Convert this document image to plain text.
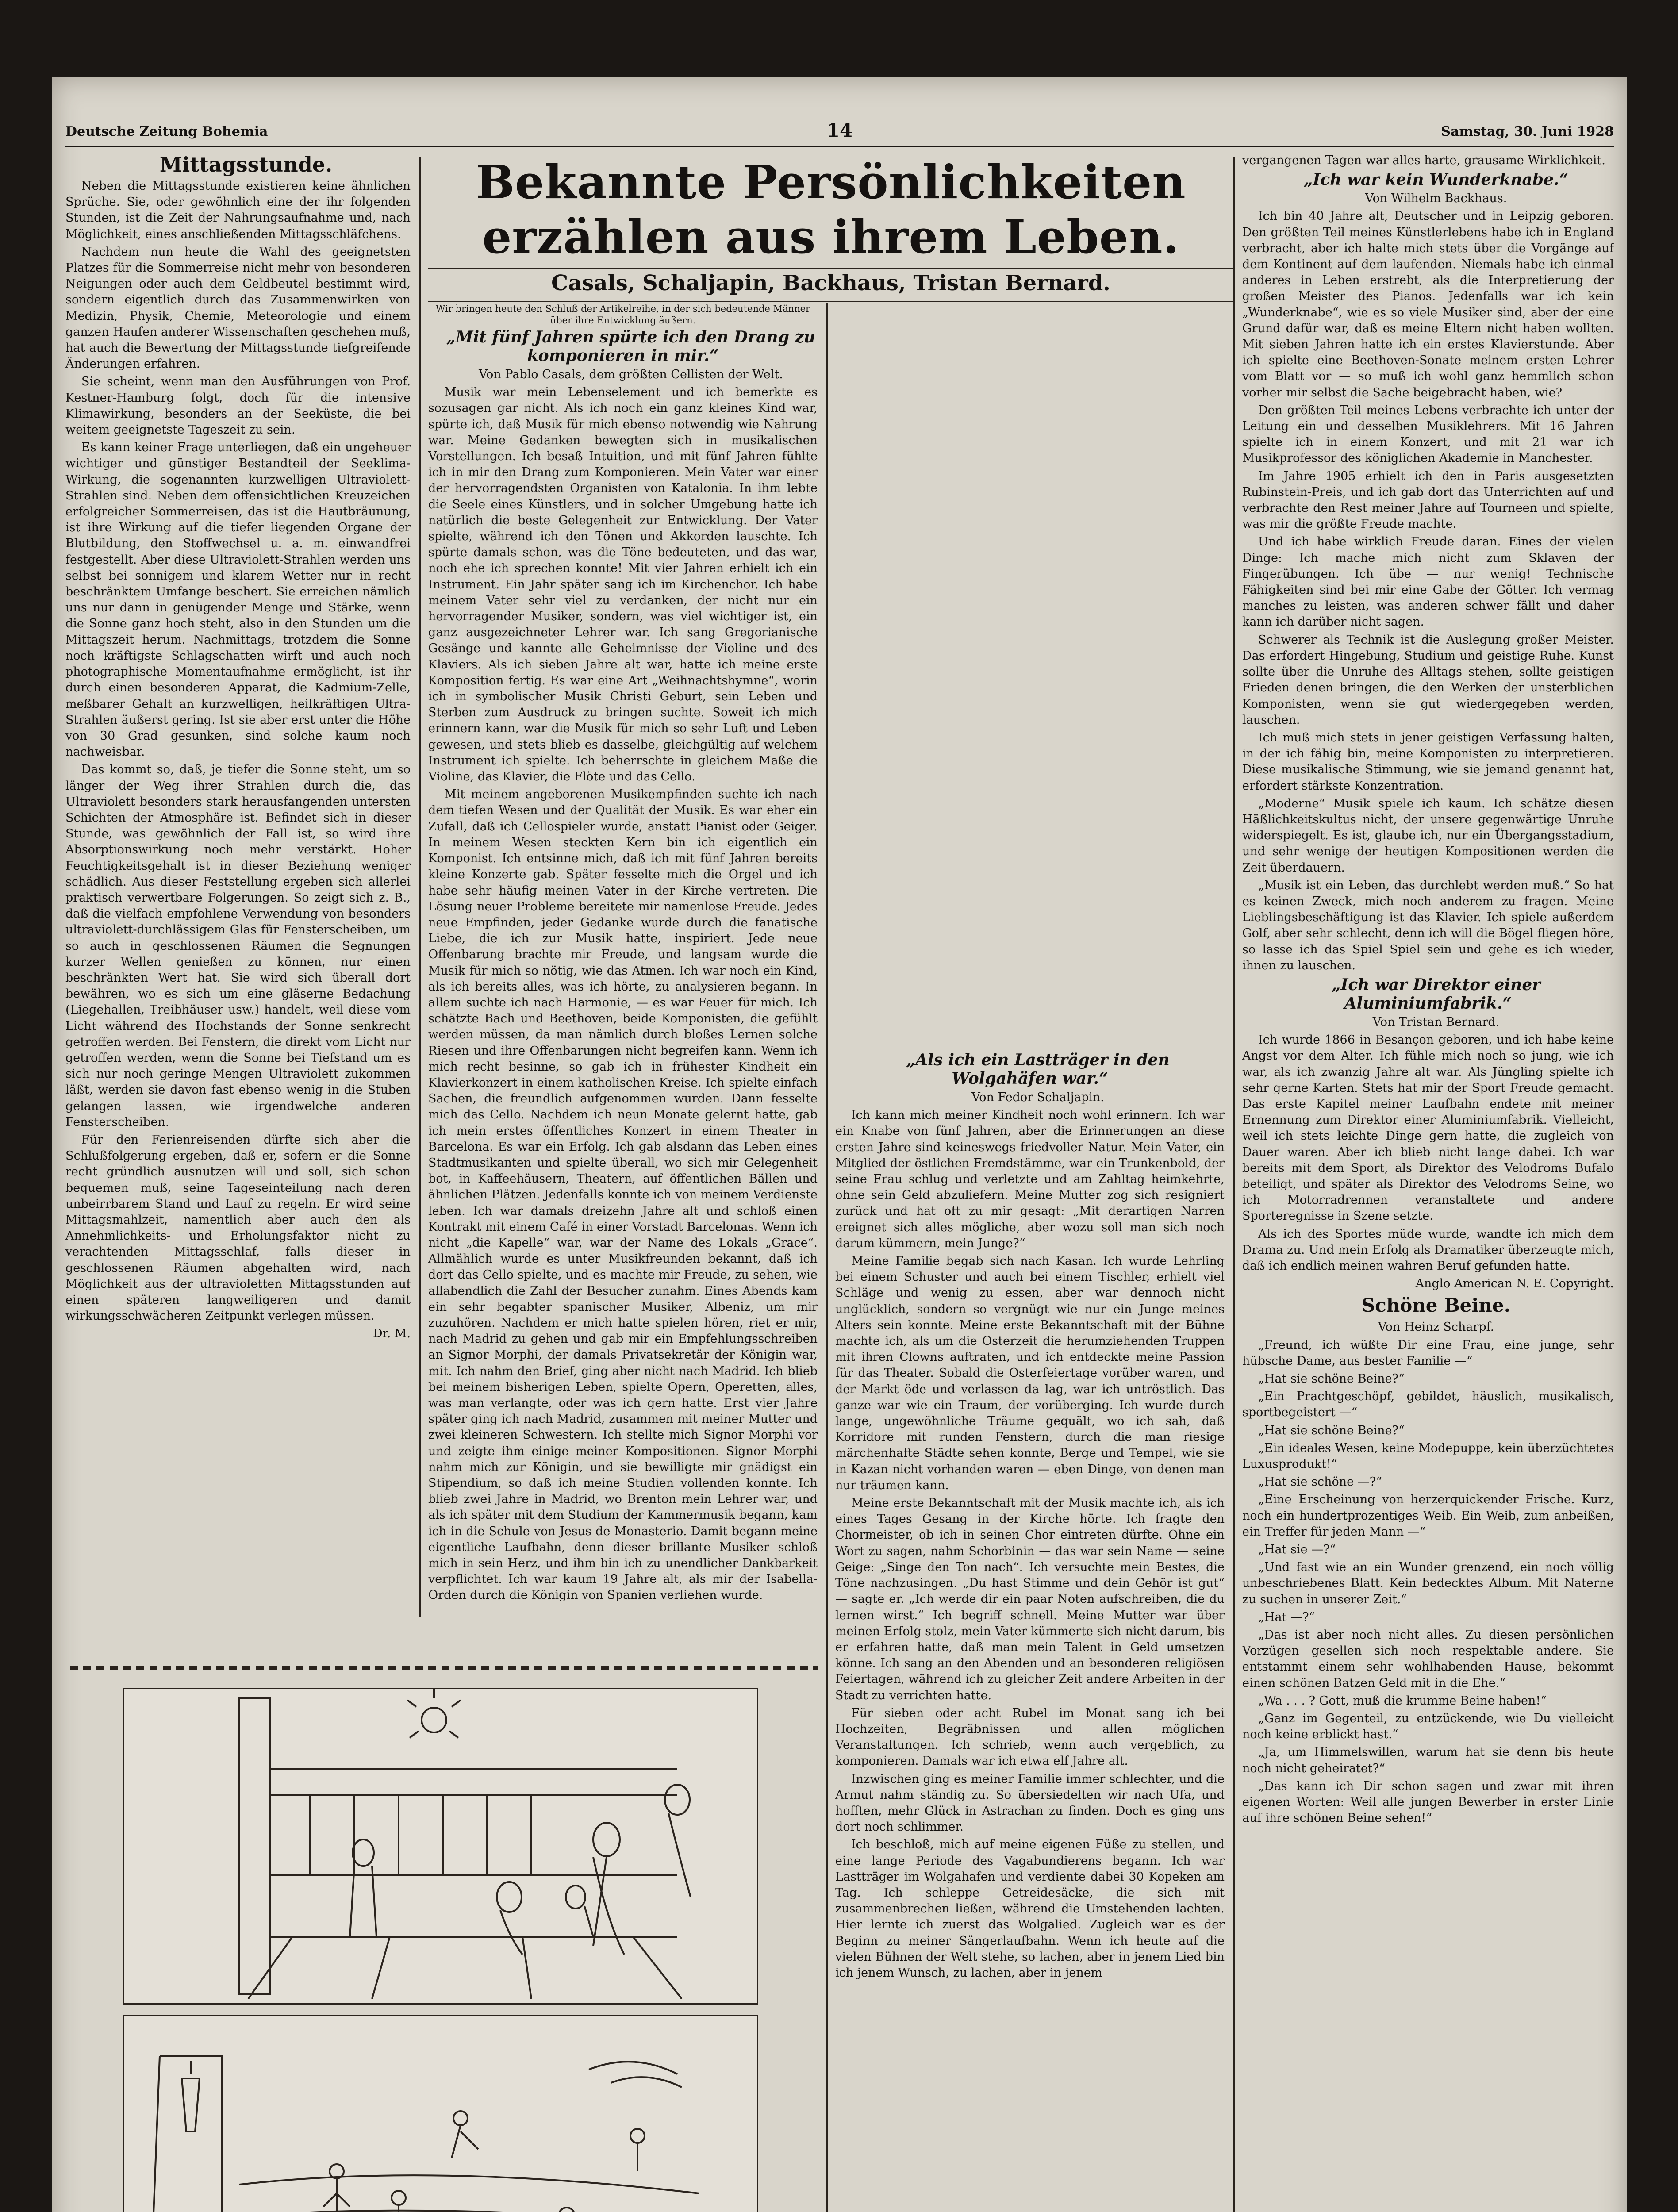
Deutsche Zeitung Bohemia	14	Samstag, 30. Juni 1928

Mittagsstunde.

Neben die Mittagsstunde existieren keine ähnlichen Sprüche. Sie, oder gewöhnlich eine der ihr folgenden Stunden, ist die Zeit der Nahrungsaufnahme und, nach Möglichkeit, eines anschließenden Mittagsschläfchens.

Nachdem nun heute die Wahl des geeignetsten Platzes für die Sommerreise nicht mehr von besonderen Neigungen oder auch dem Geldbeutel bestimmt wird, sondern eigentlich durch das Zusammenwirken von Medizin, Physik, Chemie, Meteorologie und einem ganzen Haufen anderer Wissenschaften geschehen muß, hat auch die Bewertung der Mittagsstunde tiefgreifende Änderungen erfahren.

Sie scheint, wenn man den Ausführungen von Prof. Kestner-Hamburg folgt, doch für die intensive Klimawirkung, besonders an der Seeküste, die bei weitem geeignetste Tageszeit zu sein.

Es kann keiner Frage unterliegen, daß ein ungeheuer wichtiger und günstiger Bestandteil der Seeklima-Wirkung, die sogenannten kurzwelligen Ultraviolett-Strahlen sind. Neben dem offensichtlichen Kreuzeichen erfolgreicher Sommerreisen, das ist die Hautbräunung, ist ihre Wirkung auf die tiefer liegenden Organe der Blutbildung, den Stoffwechsel u. a. m. einwandfrei festgestellt. Aber diese Ultraviolett-Strahlen werden uns selbst bei sonnigem und klarem Wetter nur in recht beschränktem Umfange beschert. Sie erreichen nämlich uns nur dann in genügender Menge und Stärke, wenn die Sonne ganz hoch steht, also in den Stunden um die Mittagszeit herum. Nachmittags, trotzdem die Sonne noch kräftigste Schlagschatten wirft und auch noch photographische Momentaufnahme ermöglicht, ist ihr durch einen besonderen Apparat, die Kadmium-Zelle, meßbarer Gehalt an kurzwelligen, heilkräftigen Ultra-Strahlen äußerst gering. Ist sie aber erst unter die Höhe von 30 Grad gesunken, sind solche kaum noch nachweisbar.

Das kommt so, daß, je tiefer die Sonne steht, um so länger der Weg ihrer Strahlen durch die, das Ultraviolett besonders stark herausfangenden untersten Schichten der Atmosphäre ist. Befindet sich in dieser Stunde, was gewöhnlich der Fall ist, so wird ihre Absorptionswirkung noch mehr verstärkt. Hoher Feuchtigkeitsgehalt ist in dieser Beziehung weniger schädlich. Aus dieser Feststellung ergeben sich allerlei praktisch verwertbare Folgerungen. So zeigt sich z. B., daß die vielfach empfohlene Verwendung von besonders ultraviolett-durchlässigem Glas für Fensterscheiben, um so auch in geschlossenen Räumen die Segnungen kurzer Wellen genießen zu können, nur einen beschränkten Wert hat. Sie wird sich überall dort bewähren, wo es sich um eine gläserne Bedachung (Liegehallen, Treibhäuser usw.) handelt, weil diese vom Licht während des Hochstands der Sonne senkrecht getroffen werden. Bei Fenstern, die direkt vom Licht nur getroffen werden, wenn die Sonne bei Tiefstand um es sich nur noch geringe Mengen Ultraviolett zukommen läßt, werden sie davon fast ebenso wenig in die Stuben gelangen lassen, wie irgendwelche anderen Fensterscheiben.

Für den Ferienreisenden dürfte sich aber die Schlußfolgerung ergeben, daß er, sofern er die Sonne recht gründlich ausnutzen will und soll, sich schon bequemen muß, seine Tageseinteilung nach deren unbeirrbarem Stand und Lauf zu regeln. Er wird seine Mittagsmahlzeit, namentlich aber auch den als Annehmlichkeits- und Erholungsfaktor nicht zu verachtenden Mittagsschlaf, falls dieser in geschlossenen Räumen abgehalten wird, nach Möglichkeit aus der ultravioletten Mittagsstunden auf einen späteren langweiligeren und damit wirkungsschwächeren Zeitpunkt verlegen müssen.

Dr. M.

Bekannte Persönlichkeiten erzählen aus ihrem Leben.
Casals, Schaljapin, Backhaus, Tristan Bernard.

Wir bringen heute den Schluß der Artikelreihe, in der sich bedeutende Männer über ihre Entwicklung äußern.

„Mit fünf Jahren spürte ich den Drang zu komponieren in mir.“

Von Pablo Casals, dem größten Cellisten der Welt.

Musik war mein Lebenselement und ich bemerkte es sozusagen gar nicht. Als ich noch ein ganz kleines Kind war, spürte ich, daß Musik für mich ebenso notwendig wie Nahrung war. Meine Gedanken bewegten sich in musikalischen Vorstellungen. Ich besaß Intuition, und mit fünf Jahren fühlte ich in mir den Drang zum Komponieren. Mein Vater war einer der hervorragendsten Organisten von Katalonia. In ihm lebte die Seele eines Künstlers, und in solcher Umgebung hatte ich natürlich die beste Gelegenheit zur Entwicklung. Der Vater spielte, während ich den Tönen und Akkorden lauschte. Ich spürte damals schon, was die Töne bedeuteten, und das war, noch ehe ich sprechen konnte! Mit vier Jahren erhielt ich ein Instrument. Ein Jahr später sang ich im Kirchenchor. Ich habe meinem Vater sehr viel zu verdanken, der nicht nur ein hervorragender Musiker, sondern, was viel wichtiger ist, ein ganz ausgezeichneter Lehrer war. Ich sang Gregorianische Gesänge und kannte alle Geheimnisse der Violine und des Klaviers. Als ich sieben Jahre alt war, hatte ich meine erste Komposition fertig. Es war eine Art „Weihnachtshymne“, worin ich in symbolischer Musik Christi Geburt, sein Leben und Sterben zum Ausdruck zu bringen suchte. Soweit ich mich erinnern kann, war die Musik für mich so sehr Luft und Leben gewesen, und stets blieb es dasselbe, gleichgültig auf welchem Instrument ich spielte. Ich beherrschte in gleichem Maße die Violine, das Klavier, die Flöte und das Cello.

Mit meinem angeborenen Musikempfinden suchte ich nach dem tiefen Wesen und der Qualität der Musik. Es war eher ein Zufall, daß ich Cellospieler wurde, anstatt Pianist oder Geiger. In meinem Wesen steckten Kern bin ich eigentlich ein Komponist. Ich entsinne mich, daß ich mit fünf Jahren bereits kleine Konzerte gab. Später fesselte mich die Orgel und ich habe sehr häufig meinen Vater in der Kirche vertreten. Die Lösung neuer Probleme bereitete mir namenlose Freude. Jedes neue Empfinden, jeder Gedanke wurde durch die fanatische Liebe, die ich zur Musik hatte, inspiriert. Jede neue Offenbarung brachte mir Freude, und langsam wurde die Musik für mich so nötig, wie das Atmen. Ich war noch ein Kind, als ich bereits alles, was ich hörte, zu analysieren begann. In allem suchte ich nach Harmonie, — es war Feuer für mich. Ich schätzte Bach und Beethoven, beide Komponisten, die gefühlt werden müssen, da man nämlich durch bloßes Lernen solche Riesen und ihre Offenbarungen nicht begreifen kann. Wenn ich mich recht besinne, so gab ich in frühester Kindheit ein Klavierkonzert in einem katholischen Kreise. Ich spielte einfach Sachen, die freundlich aufgenommen wurden. Dann fesselte mich das Cello. Nachdem ich neun Monate gelernt hatte, gab ich mein erstes öffentliches Konzert in einem Theater in Barcelona. Es war ein Erfolg. Ich gab alsdann das Leben eines Stadtmusikanten und spielte überall, wo sich mir Gelegenheit bot, in Kaffeehäusern, Theatern, auf öffentlichen Bällen und ähnlichen Plätzen. Jedenfalls konnte ich von meinem Verdienste leben. Ich war damals dreizehn Jahre alt und schloß einen Kontrakt mit einem Café in einer Vorstadt Barcelonas. Wenn ich nicht „die Kapelle“ war, war der Name des Lokals „Grace“. Allmählich wurde es unter Musikfreunden bekannt, daß ich dort das Cello spielte, und es machte mir Freude, zu sehen, wie allabendlich die Zahl der Besucher zunahm. Eines Abends kam ein sehr begabter spanischer Musiker, Albeniz, um mir zuzuhören. Nachdem er mich hatte spielen hören, riet er mir, nach Madrid zu gehen und gab mir ein Empfehlungsschreiben an Signor Morphi, der damals Privatsekretär der Königin war, mit. Ich nahm den Brief, ging aber nicht nach Madrid. Ich blieb bei meinem bisherigen Leben, spielte Opern, Operetten, alles, was man verlangte, oder was ich gern hatte. Erst vier Jahre später ging ich nach Madrid, zusammen mit meiner Mutter und zwei kleineren Schwestern. Ich stellte mich Signor Morphi vor und zeigte ihm einige meiner Kompositionen. Signor Morphi nahm mich zur Königin, und sie bewilligte mir gnädigst ein Stipendium, so daß ich meine Studien vollenden konnte. Ich blieb zwei Jahre in Madrid, wo Brenton mein Lehrer war, und als ich später mit dem Studium der Kammermusik begann, kam ich in die Schule von Jesus de Monasterio. Damit begann meine eigentliche Laufbahn, denn dieser brillante Musiker schloß mich in sein Herz, und ihm bin ich zu unendlicher Dankbarkeit verpflichtet. Ich war kaum 19 Jahre alt, als mir der Isabella-Orden durch die Königin von Spanien verliehen wurde.

„Als ich ein Lastträger in den Wolgahäfen war.“

Von Fedor Schaljapin.

Ich kann mich meiner Kindheit noch wohl erinnern. Ich war ein Knabe von fünf Jahren, aber die Erinnerungen an diese ersten Jahre sind keineswegs friedvoller Natur. Mein Vater, ein Mitglied der östlichen Fremdstämme, war ein Trunkenbold, der seine Frau schlug und verletzte und am Zahltag heimkehrte, ohne sein Geld abzuliefern. Meine Mutter zog sich resigniert zurück und hat oft zu mir gesagt: „Mit derartigen Narren ereignet sich alles mögliche, aber wozu soll man sich noch darum kümmern, mein Junge?“

Meine Familie begab sich nach Kasan. Ich wurde Lehrling bei einem Schuster und auch bei einem Tischler, erhielt viel Schläge und wenig zu essen, aber war dennoch nicht unglücklich, sondern so vergnügt wie nur ein Junge meines Alters sein konnte. Meine erste Bekanntschaft mit der Bühne machte ich, als um die Osterzeit die herumziehenden Truppen mit ihren Clowns auftraten, und ich entdeckte meine Passion für das Theater. Sobald die Osterfeiertage vorüber waren, und der Markt öde und verlassen da lag, war ich untröstlich. Das ganze war wie ein Traum, der vorüberging. Ich wurde durch lange, ungewöhnliche Träume gequält, wo ich sah, daß Korridore mit runden Fenstern, durch die man riesige märchenhafte Städte sehen konnte, Berge und Tempel, wie sie in Kazan nicht vorhanden waren — eben Dinge, von denen man nur träumen kann.

Meine erste Bekanntschaft mit der Musik machte ich, als ich eines Tages Gesang in der Kirche hörte. Ich fragte den Chormeister, ob ich in seinen Chor eintreten dürfte. Ohne ein Wort zu sagen, nahm Schorbinin — das war sein Name — seine Geige: „Singe den Ton nach“. Ich versuchte mein Bestes, die Töne nachzusingen. „Du hast Stimme und dein Gehör ist gut“ — sagte er. „Ich werde dir ein paar Noten aufschreiben, die du lernen wirst.“ Ich begriff schnell. Meine Mutter war über meinen Erfolg stolz, mein Vater kümmerte sich nicht darum, bis er erfahren hatte, daß man mein Talent in Geld umsetzen könne. Ich sang an den Abenden und an besonderen religiösen Feiertagen, während ich zu gleicher Zeit andere Arbeiten in der Stadt zu verrichten hatte.

Für sieben oder acht Rubel im Monat sang ich bei Hochzeiten, Begräbnissen und allen möglichen Veranstaltungen. Ich schrieb, wenn auch vergeblich, zu komponieren. Damals war ich etwa elf Jahre alt.

Inzwischen ging es meiner Familie immer schlechter, und die Armut nahm ständig zu. So übersiedelten wir nach Ufa, und hofften, mehr Glück in Astrachan zu finden. Doch es ging uns dort noch schlimmer.

Ich beschloß, mich auf meine eigenen Füße zu stellen, und eine lange Periode des Vagabundierens begann. Ich war Lastträger im Wolgahafen und verdiente dabei 30 Kopeken am Tag. Ich schleppe Getreidesäcke, die sich mit zusammenbrechen ließen, während die Umstehenden lachten. Hier lernte ich zuerst das Wolgalied. Zugleich war es der Beginn zu meiner Sängerlaufbahn. Wenn ich heute auf die vielen Bühnen der Welt stehe, so lachen, aber in jenem Lied bin ich jenem Wunsch, zu lachen, aber in jenem

vergangenen Tagen war alles harte, grausame Wirklichkeit.

„Ich war kein Wunderknabe.“

Von Wilhelm Backhaus.

Ich bin 40 Jahre alt, Deutscher und in Leipzig geboren. Den größten Teil meines Künstlerlebens habe ich in England verbracht, aber ich halte mich stets über die Vorgänge auf dem Kontinent auf dem laufenden. Niemals habe ich einmal anderes in Leben erstrebt, als die Interpretierung der großen Meister des Pianos. Jedenfalls war ich kein „Wunderknabe“, wie es so viele Musiker sind, aber der eine Grund dafür war, daß es meine Eltern nicht haben wollten. Mit sieben Jahren hatte ich ein erstes Klavierstunde. Aber ich spielte eine Beethoven-Sonate meinem ersten Lehrer vom Blatt vor — so muß ich wohl ganz hemmlich schon vorher mir selbst die Sache beigebracht haben, wie?

Den größten Teil meines Lebens verbrachte ich unter der Leitung ein und desselben Musiklehrers. Mit 16 Jahren spielte ich in einem Konzert, und mit 21 war ich Musikprofessor des königlichen Akademie in Manchester.

Im Jahre 1905 erhielt ich den in Paris ausgesetzten Rubinstein-Preis, und ich gab dort das Unterrichten auf und verbrachte den Rest meiner Jahre auf Tourneen und spielte, was mir die größte Freude machte.

Und ich habe wirklich Freude daran. Eines der vielen Dinge: Ich mache mich nicht zum Sklaven der Fingerübungen. Ich übe — nur wenig! Technische Fähigkeiten sind bei mir eine Gabe der Götter. Ich vermag manches zu leisten, was anderen schwer fällt und daher kann ich darüber nicht sagen.

Schwerer als Technik ist die Auslegung großer Meister. Das erfordert Hingebung, Studium und geistige Ruhe. Kunst sollte über die Unruhe des Alltags stehen, sollte geistigen Frieden denen bringen, die den Werken der unsterblichen Komponisten, wenn sie gut wiedergegeben werden, lauschen.

Ich muß mich stets in jener geistigen Verfassung halten, in der ich fähig bin, meine Komponisten zu interpretieren. Diese musikalische Stimmung, wie sie jemand genannt hat, erfordert stärkste Konzentration.

„Moderne“ Musik spiele ich kaum. Ich schätze diesen Häßlichkeitskultus nicht, der unsere gegenwärtige Unruhe widerspiegelt. Es ist, glaube ich, nur ein Übergangsstadium, und sehr wenige der heutigen Kompositionen werden die Zeit überdauern.

„Musik ist ein Leben, das durchlebt werden muß.“ So hat es keinen Zweck, mich noch anderem zu fragen. Meine Lieblingsbeschäftigung ist das Klavier. Ich spiele außerdem Golf, aber sehr schlecht, denn ich will die Bögel fliegen höre, so lasse ich das Spiel Spiel sein und gehe es ich wieder, ihnen zu lauschen.

„Ich war Direktor einer Aluminiumfabrik.“

Von Tristan Bernard.

Ich wurde 1866 in Besançon geboren, und ich habe keine Angst vor dem Alter. Ich fühle mich noch so jung, wie ich war, als ich zwanzig Jahre alt war. Als Jüngling spielte ich sehr gerne Karten. Stets hat mir der Sport Freude gemacht. Das erste Kapitel meiner Laufbahn endete mit meiner Ernennung zum Direktor einer Aluminiumfabrik. Vielleicht, weil ich stets leichte Dinge gern hatte, die zugleich von Dauer waren. Aber ich blieb nicht lange dabei. Ich war bereits mit dem Sport, als Direktor des Velodroms Bufalo beteiligt, und später als Direktor des Velodroms Seine, wo ich Motorradrennen veranstaltete und andere Sporteregnisse in Szene setzte.

Als ich des Sportes müde wurde, wandte ich mich dem Drama zu. Und mein Erfolg als Dramatiker überzeugte mich, daß ich endlich meinen wahren Beruf gefunden hatte.

Anglo American N. E. Copyright.

Schöne Beine.

Von Heinz Scharpf.

„Freund, ich wüßte Dir eine Frau, eine junge, sehr hübsche Dame, aus bester Familie —“

„Hat sie schöne Beine?“

„Ein Prachtgeschöpf, gebildet, häuslich, musikalisch, sportbegeistert —“

„Hat sie schöne Beine?“

„Ein ideales Wesen, keine Modepuppe, kein überzüchtetes Luxusprodukt!“

„Hat sie schöne —?“

„Eine Erscheinung von herzerquickender Frische. Kurz, noch ein hundertprozentiges Weib. Ein Weib, zum anbeißen, ein Treffer für jeden Mann —“

„Hat sie —?“

„Und fast wie an ein Wunder grenzend, ein noch völlig unbeschriebenes Blatt. Kein bedecktes Album. Mit Naterne zu suchen in unserer Zeit.“

„Hat —?“

„Das ist aber noch nicht alles. Zu diesen persönlichen Vorzügen gesellen sich noch respektable andere. Sie entstammt einem sehr wohlhabenden Hause, bekommt einen schönen Batzen Geld mit in die Ehe.“

„Wa . . . ? Gott, muß die krumme Beine haben!“

„Ganz im Gegenteil, zu entzückende, wie Du vielleicht noch keine erblickt hast.“

„Ja, um Himmelswillen, warum hat sie denn bis heute noch nicht geheiratet?“

„Das kann ich Dir schon sagen und zwar mit ihren eigenen Worten: Weil alle jungen Bewerber in erster Linie auf ihre schönen Beine sehen!“
